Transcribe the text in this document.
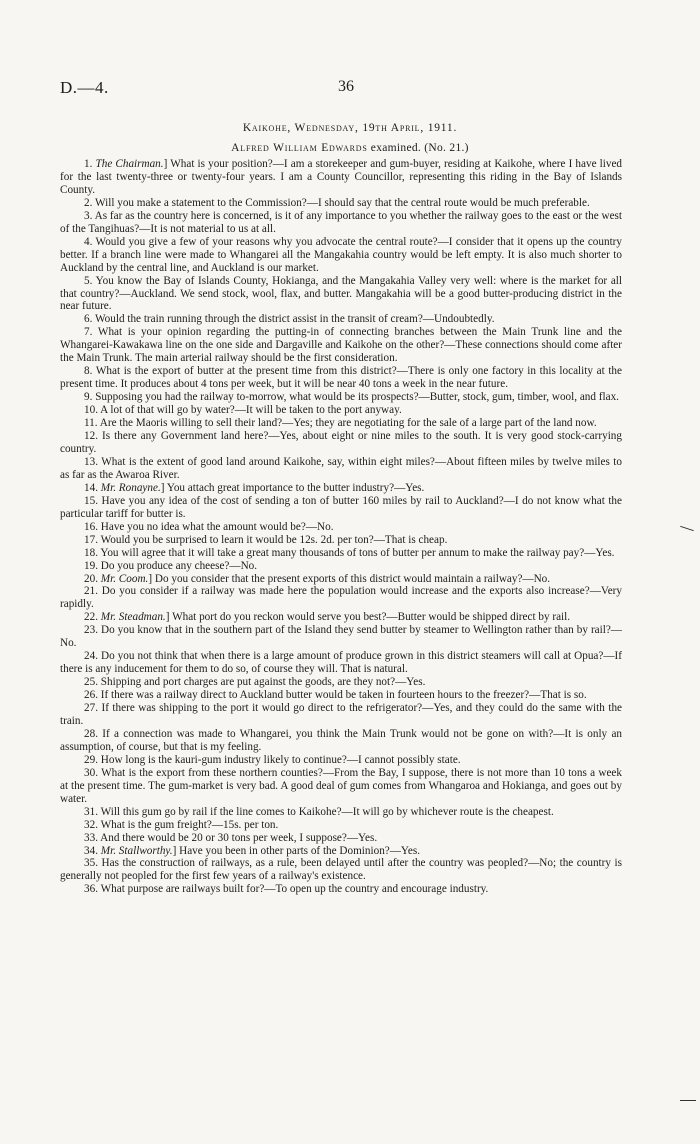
D.—4.	36
Kaikohe, Wednesday, 19th April, 1911.
Alfred William Edwards examined. (No. 21.)

1. The Chairman.] What is your position?—I am a storekeeper and gum-buyer, residing at Kaikohe, where I have lived for the last twenty-three or twenty-four years. I am a County Councillor, representing this riding in the Bay of Islands County.

2. Will you make a statement to the Commission?—I should say that the central route would be much preferable.

3. As far as the country here is concerned, is it of any importance to you whether the railway goes to the east or the west of the Tangihuas?—It is not material to us at all.

4. Would you give a few of your reasons why you advocate the central route?—I consider that it opens up the country better. If a branch line were made to Whangarei all the Mangakahia country would be left empty. It is also much shorter to Auckland by the central line, and Auckland is our market.

5. You know the Bay of Islands County, Hokianga, and the Mangakahia Valley very well: where is the market for all that country?—Auckland. We send stock, wool, flax, and butter. Mangakahia will be a good butter-producing district in the near future.

6. Would the train running through the district assist in the transit of cream?—Undoubtedly.

7. What is your opinion regarding the putting-in of connecting branches between the Main Trunk line and the Whangarei-Kawakawa line on the one side and Dargaville and Kaikohe on the other?—These connections should come after the Main Trunk. The main arterial railway should be the first consideration.

8. What is the export of butter at the present time from this district?—There is only one factory in this locality at the present time. It produces about 4 tons per week, but it will be near 40 tons a week in the near future.

9. Supposing you had the railway to-morrow, what would be its prospects?—Butter, stock, gum, timber, wool, and flax.

10. A lot of that will go by water?—It will be taken to the port anyway.

11. Are the Maoris willing to sell their land?—Yes; they are negotiating for the sale of a large part of the land now.

12. Is there any Government land here?—Yes, about eight or nine miles to the south. It is very good stock-carrying country.

13. What is the extent of good land around Kaikohe, say, within eight miles?—About fifteen miles by twelve miles to as far as the Awaroa River.

14. Mr. Ronayne.] You attach great importance to the butter industry?—Yes.

15. Have you any idea of the cost of sending a ton of butter 160 miles by rail to Auckland?—I do not know what the particular tariff for butter is.

16. Have you no idea what the amount would be?—No.

17. Would you be surprised to learn it would be 12s. 2d. per ton?—That is cheap.

18. You will agree that it will take a great many thousands of tons of butter per annum to make the railway pay?—Yes.

19. Do you produce any cheese?—No.

20. Mr. Coom.] Do you consider that the present exports of this district would maintain a railway?—No.

21. Do you consider if a railway was made here the population would increase and the exports also increase?—Very rapidly.

22. Mr. Steadman.] What port do you reckon would serve you best?—Butter would be shipped direct by rail.

23. Do you know that in the southern part of the Island they send butter by steamer to Wellington rather than by rail?—No.

24. Do you not think that when there is a large amount of produce grown in this district steamers will call at Opua?—If there is any inducement for them to do so, of course they will. That is natural.

25. Shipping and port charges are put against the goods, are they not?—Yes.

26. If there was a railway direct to Auckland butter would be taken in fourteen hours to the freezer?—That is so.

27. If there was shipping to the port it would go direct to the refrigerator?—Yes, and they could do the same with the train.

28. If a connection was made to Whangarei, you think the Main Trunk would not be gone on with?—It is only an assumption, of course, but that is my feeling.

29. How long is the kauri-gum industry likely to continue?—I cannot possibly state.

30. What is the export from these northern counties?—From the Bay, I suppose, there is not more than 10 tons a week at the present time. The gum-market is very bad. A good deal of gum comes from Whangaroa and Hokianga, and goes out by water.

31. Will this gum go by rail if the line comes to Kaikohe?—It will go by whichever route is the cheapest.

32. What is the gum freight?—15s. per ton.

33. And there would be 20 or 30 tons per week, I suppose?—Yes.

34. Mr. Stallworthy.] Have you been in other parts of the Dominion?—Yes.

35. Has the construction of railways, as a rule, been delayed until after the country was peopled?—No; the country is generally not peopled for the first few years of a railway's existence.

36. What purpose are railways built for?—To open up the country and encourage industry.
